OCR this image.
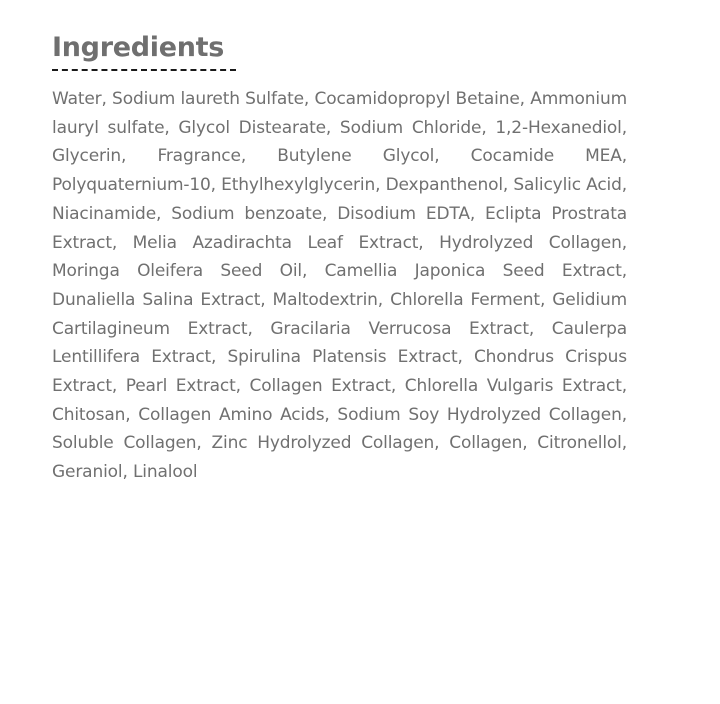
Ingredients

Water, Sodium laureth Sulfate, Cocamidopropyl Betaine, Ammonium lauryl sulfate, Glycol Distearate, Sodium Chloride, 1,2-Hexanediol, Glycerin, Fragrance, Butylene Glycol, Cocamide MEA, Polyquaternium-10, Ethylhexylglycerin, Dexpanthenol, Salicylic Acid, Niacinamide, Sodium benzoate, Disodium EDTA, Eclipta Prostrata Extract, Melia Azadirachta Leaf Extract, Hydrolyzed Collagen, Moringa Oleifera Seed Oil, Camellia Japonica Seed Extract, Dunaliella Salina Extract, Maltodextrin, Chlorella Ferment, Gelidium Cartilagineum Extract, Gracilaria Verrucosa Extract, Caulerpa Lentillifera Extract, Spirulina Platensis Extract, Chondrus Crispus Extract, Pearl Extract, Collagen Extract, Chlorella Vulgaris Extract, Chitosan, Collagen Amino Acids, Sodium Soy Hydrolyzed Collagen, Soluble Collagen, Zinc Hydrolyzed Collagen, Collagen, Citronellol, Geraniol, Linalool
